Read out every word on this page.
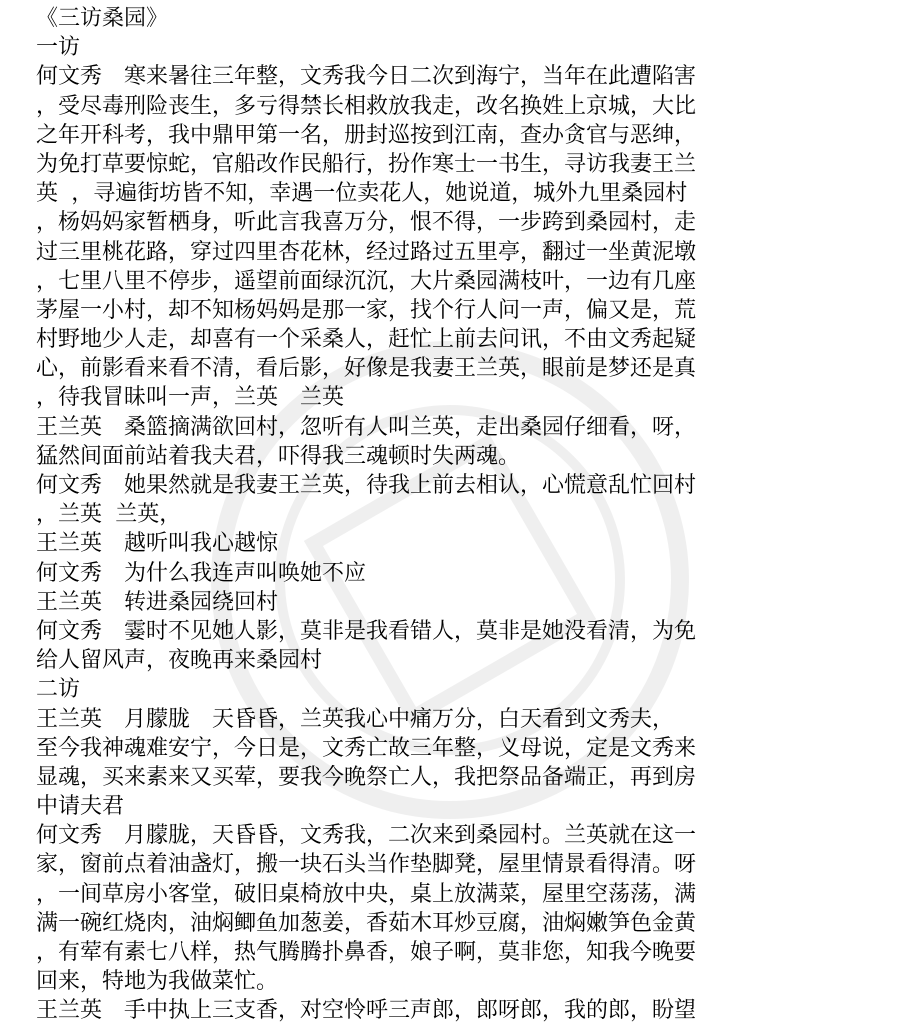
《三访桑园》
一访
何文秀　寒来暑往三年整，文秀我今日二次到海宁，当年在此遭陷害
，受尽毒刑险丧生，多亏得禁长相救放我走，改名换姓上京城，大比
之年开科考，我中鼎甲第一名，册封巡按到江南，查办贪官与恶绅，
为免打草要惊蛇，官船改作民船行，扮作寒士一书生，寻访我妻王兰
英 ，寻遍街坊皆不知，幸遇一位卖花人，她说道，城外九里桑园村
，杨妈妈家暂栖身，听此言我喜万分，恨不得，一步跨到桑园村，走
过三里桃花路，穿过四里杏花林，经过路过五里亭，翻过一坐黄泥墩
，七里八里不停步，遥望前面绿沉沉，大片桑园满枝叶，一边有几座
茅屋一小村，却不知杨妈妈是那一家，找个行人问一声，偏又是，荒
村野地少人走，却喜有一个采桑人，赶忙上前去问讯，不由文秀起疑
心，前影看来看不清，看后影，好像是我妻王兰英，眼前是梦还是真
，待我冒昧叫一声，兰英　兰英
王兰英　桑篮摘满欲回村，忽听有人叫兰英，走出桑园仔细看，呀，
猛然间面前站着我夫君，吓得我三魂顿时失两魂。
何文秀　她果然就是我妻王兰英，待我上前去相认，心慌意乱忙回村
，兰英 兰英，
王兰英　越听叫我心越惊
何文秀　为什么我连声叫唤她不应
王兰英　转进桑园绕回村
何文秀　霎时不见她人影，莫非是我看错人，莫非是她没看清，为免
给人留风声，夜晚再来桑园村
二访
王兰英　月朦胧　天昏昏，兰英我心中痛万分，白天看到文秀夫，
至今我神魂难安宁，今日是，文秀亡故三年整，义母说，定是文秀来
显魂，买来素来又买荤，要我今晚祭亡人，我把祭品备端正，再到房
中请夫君
何文秀　月朦胧，天昏昏，文秀我，二次来到桑园村。兰英就在这一
家，窗前点着油盏灯，搬一块石头当作垫脚凳，屋里情景看得清。呀
，一间草房小客堂，破旧桌椅放中央，桌上放满菜，屋里空荡荡，满
满一碗红烧肉，油焖鲫鱼加葱姜，香茹木耳炒豆腐，油焖嫩笋色金黄
，有荤有素七八样，热气腾腾扑鼻香，娘子啊，莫非您，知我今晚要
回来，特地为我做菜忙。
王兰英　手中执上三支香，对空怜呼三声郎，郎呀郎，我的郎，盼望
